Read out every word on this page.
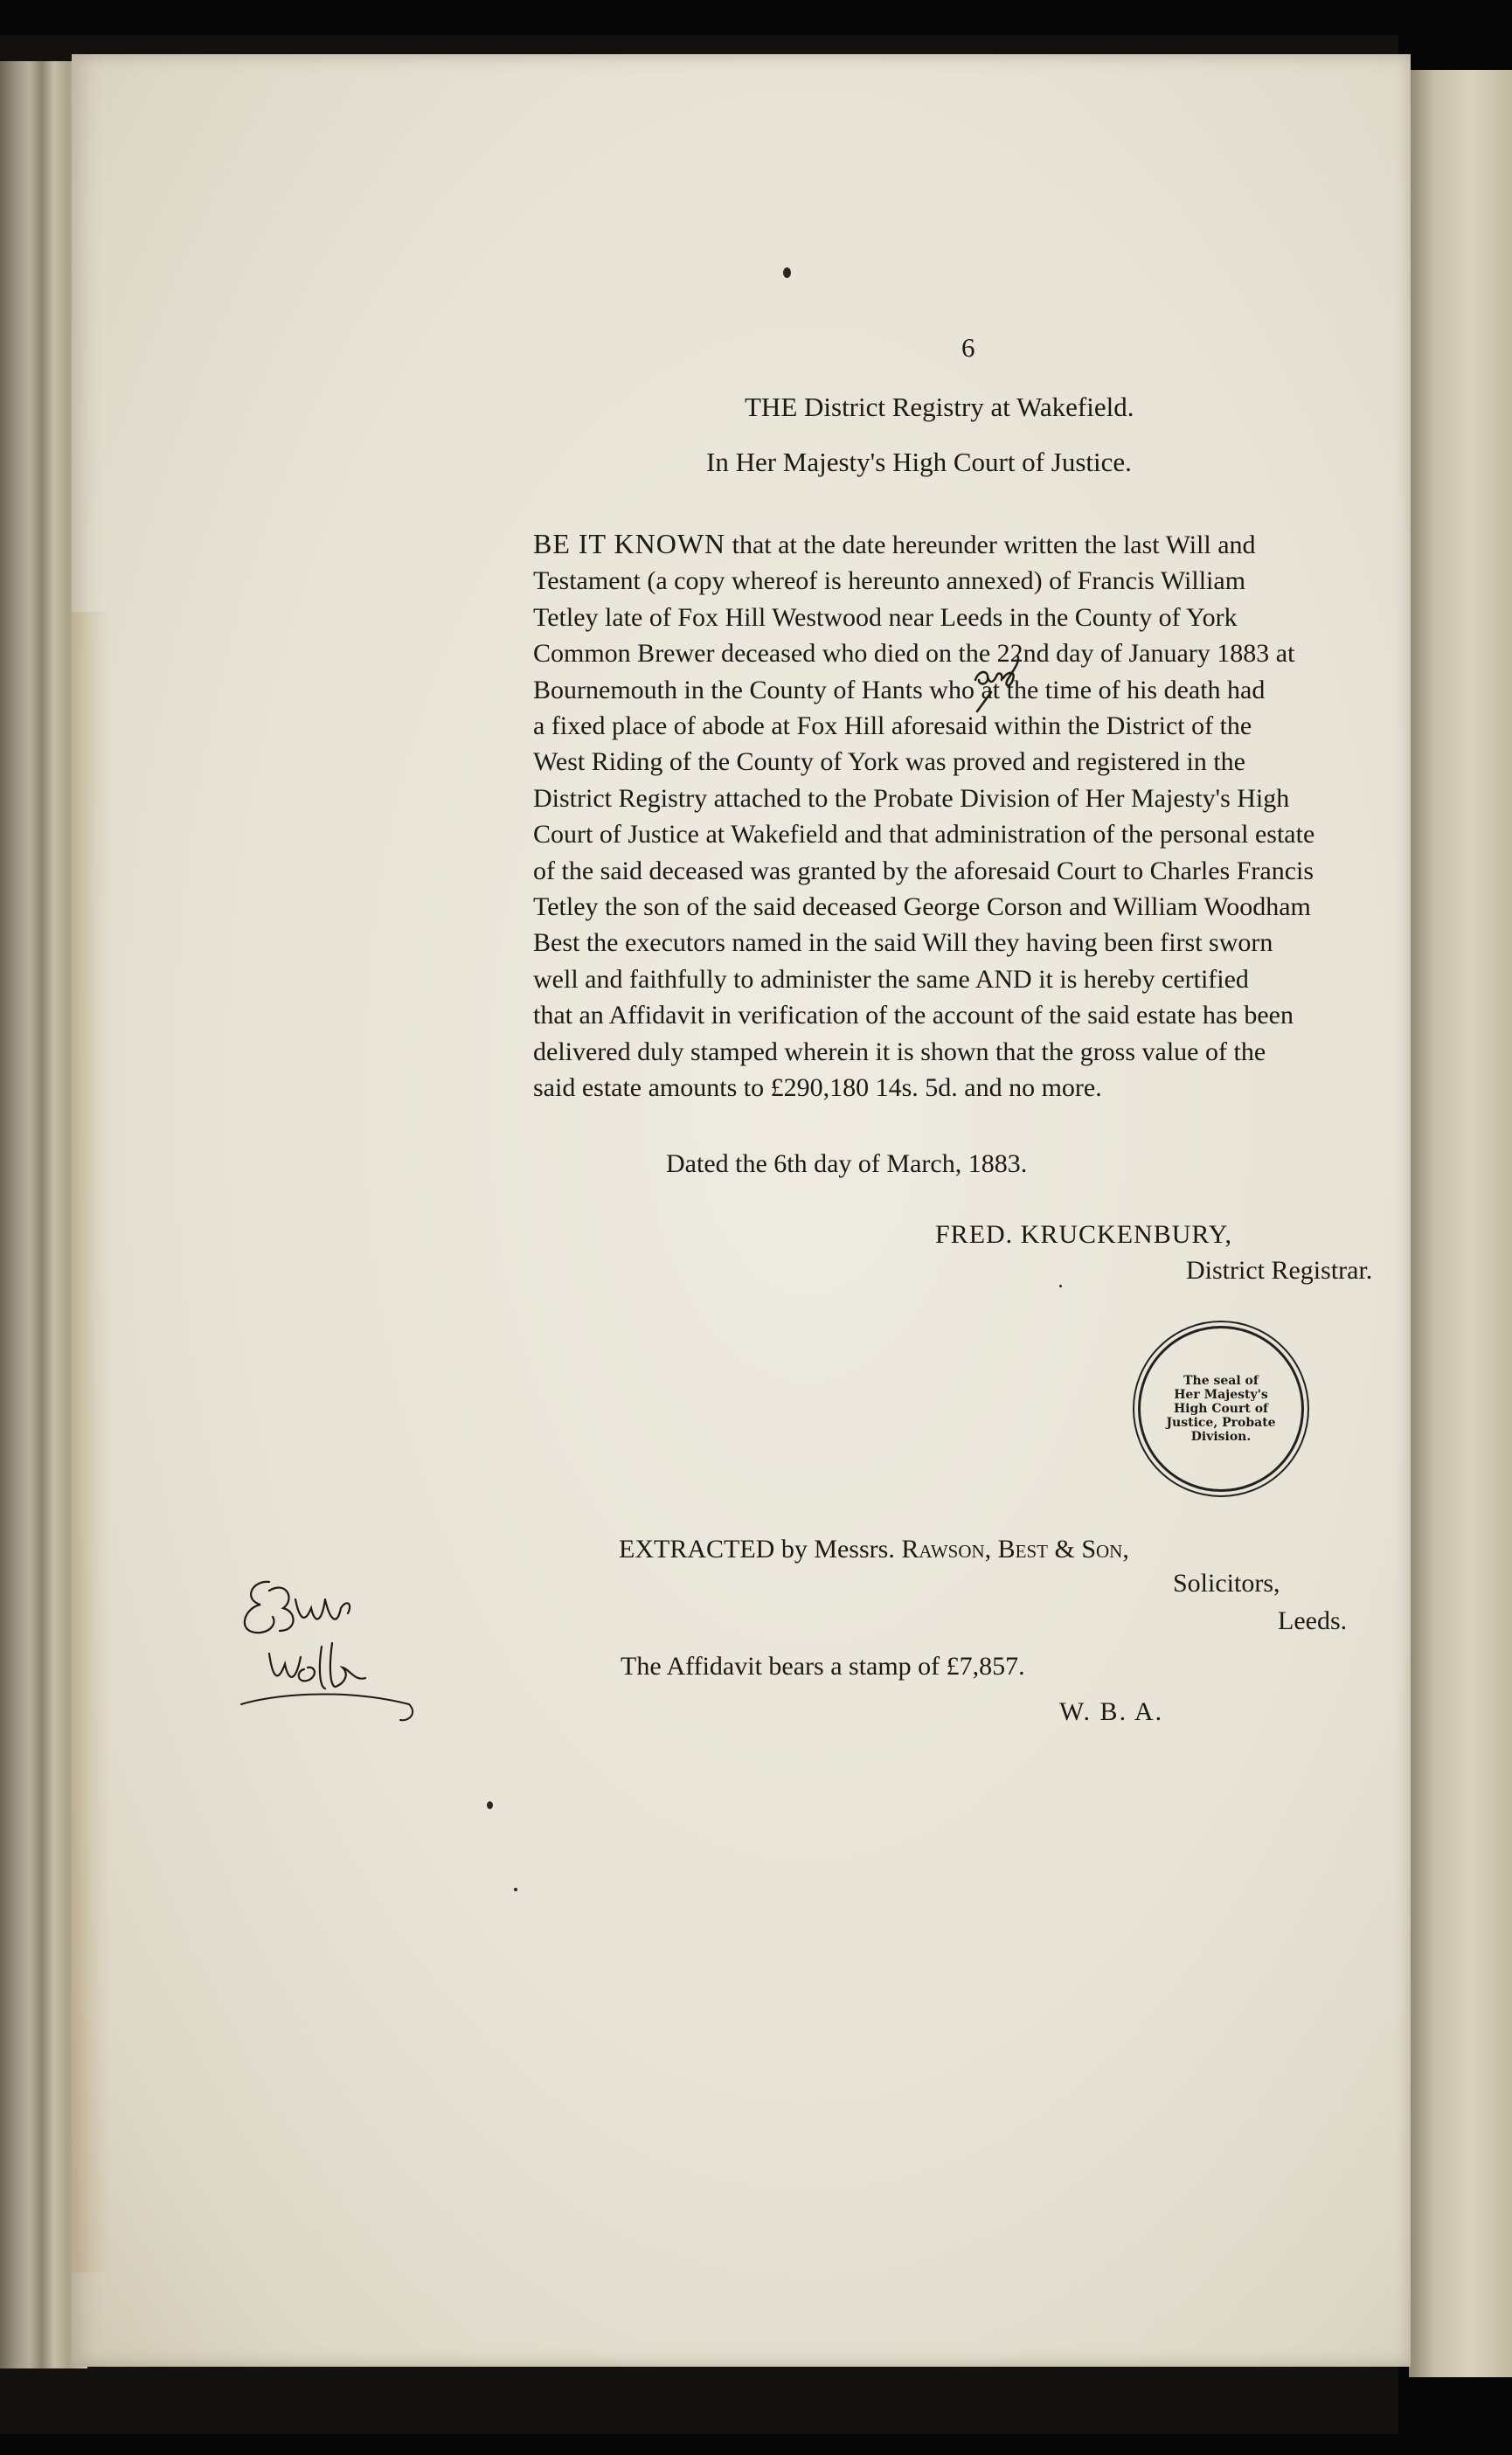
6
THE District Registry at Wakefield.
In Her Majesty's High Court of Justice.
BE IT KNOWN that at the date hereunder written the last Will and
Testament (a copy whereof is hereunto annexed) of Francis William
Tetley late of Fox Hill Westwood near Leeds in the County of York
Common Brewer deceased who died on the 22nd day of January 1883 at
Bournemouth in the County of Hants who at the time of his death had
a fixed place of abode at Fox Hill aforesaid within the District of the
West Riding of the County of York was proved and registered in the
District Registry attached to the Probate Division of Her Majesty's High
Court of Justice at Wakefield and that administration of the personal estate
of the said deceased was granted by the aforesaid Court to Charles Francis
Tetley the son of the said deceased George Corson and William Woodham
Best the executors named in the said Will they having been first sworn
well and faithfully to administer the same AND it is hereby certified
that an Affidavit in verification of the account of the said estate has been
delivered duly stamped wherein it is shown that the gross value of the
said estate amounts to £290,180 14s. 5d. and no more.
Dated the 6th day of March, 1883.
FRED. KRUCKENBURY,
District Registrar.
The seal of
Her Majesty's
High Court of
Justice, Probate
Division.
EXTRACTED by Messrs. Rawson, Best & Son,
Solicitors,
Leeds.
The Affidavit bears a stamp of £7,857.
W. B. A.
